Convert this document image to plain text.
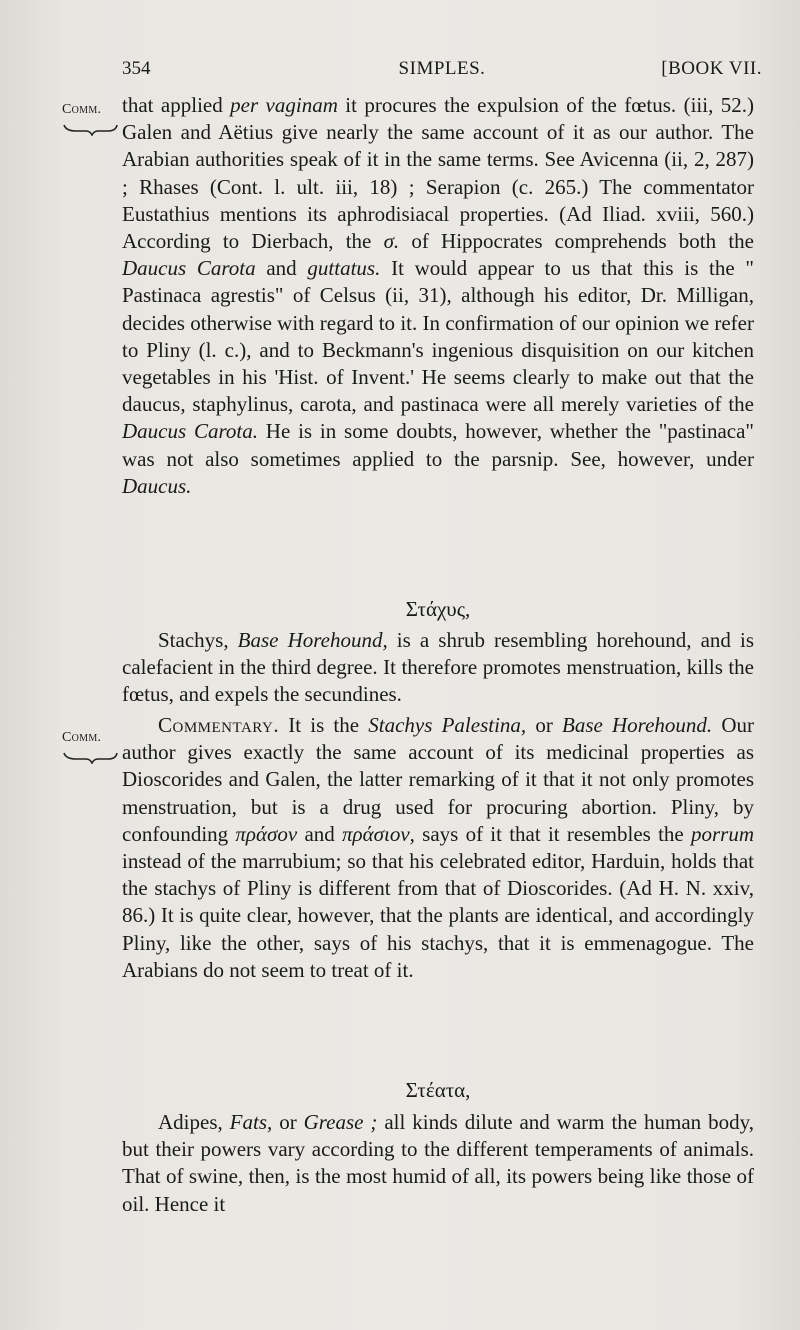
354	SIMPLES.	[BOOK VII.
Comm. that applied per vaginam it procures the expulsion of the fœtus. (iii, 52.) Galen and Aëtius give nearly the same account of it as our author. The Arabian authorities speak of it in the same terms. See Avicenna (ii, 2, 287) ; Rhases (Cont. l. ult. iii, 18) ; Serapion (c. 265.) The commentator Eustathius mentions its aphrodisiacal properties. (Ad Iliad. xviii, 560.) According to Dierbach, the σ. of Hippocrates comprehends both the Daucus Carota and guttatus. It would appear to us that this is the " Pastinaca agrestis" of Celsus (ii, 31), although his editor, Dr. Milligan, decides otherwise with regard to it. In confirmation of our opinion we refer to Pliny (l. c.), and to Beckmann's ingenious disquisition on our kitchen vegetables in his 'Hist. of Invent.' He seems clearly to make out that the daucus, staphylinus, carota, and pastinaca were all merely varieties of the Daucus Carota. He is in some doubts, however, whether the "pastinaca" was not also sometimes applied to the parsnip. See, however, under Daucus.

Στάχυς,

Stachys, Base Horehound, is a shrub resembling horehound, and is calefacient in the third degree. It therefore promotes menstruation, kills the fœtus, and expels the secundines.

Comm.

Commentary. It is the Stachys Palestina, or Base Horehound. Our author gives exactly the same account of its medicinal properties as Dioscorides and Galen, the latter remarking of it that it not only promotes menstruation, but is a drug used for procuring abortion. Pliny, by confounding πράσον and πράσιον, says of it that it resembles the porrum instead of the marrubium; so that his celebrated editor, Harduin, holds that the stachys of Pliny is different from that of Dioscorides. (Ad H. N. xxiv, 86.) It is quite clear, however, that the plants are identical, and accordingly Pliny, like the other, says of his stachys, that it is emmenagogue. The Arabians do not seem to treat of it.

Στέατα,

Adipes, Fats, or Grease ; all kinds dilute and warm the human body, but their powers vary according to the different temperaments of animals. That of swine, then, is the most humid of all, its powers being like those of oil. Hence it
